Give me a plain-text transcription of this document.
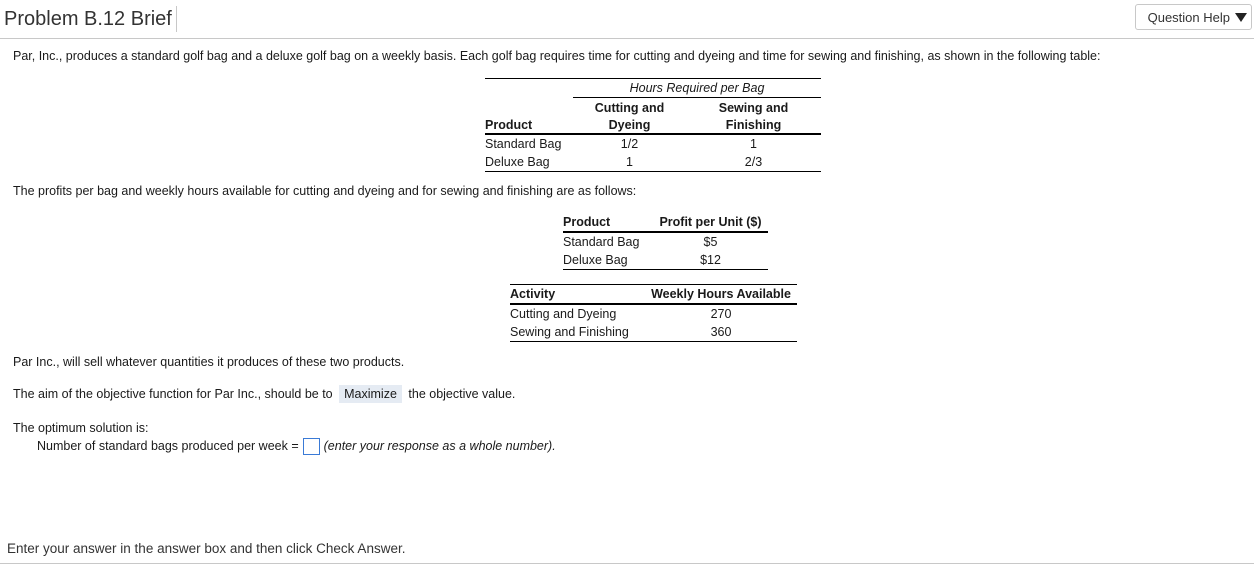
Problem B.12 Brief	Question Help
Par, Inc., produces a standard golf bag and a deluxe golf bag on a weekly basis. Each golf bag requires time for cutting and dyeing and time for sewing and finishing, as shown in the following table:
	Hours Required per Bag	
	Cutting and	Sewing and
Product	Dyeing	Finishing
Standard Bag	1/2	1
Deluxe Bag	1	2/3
The profits per bag and weekly hours available for cutting and dyeing and for sewing and finishing are as follows:
Product	Profit per Unit ($)
Standard Bag	$5
Deluxe Bag	$12
Activity	Weekly Hours Available
Cutting and Dyeing	270
Sewing and Finishing	360
Par Inc., will sell whatever quantities it produces of these two products.
The aim of the objective function for Par Inc., should be to Maximize the objective value.
The optimum solution is:
Number of standard bags produced per week = (enter your response as a whole number).
Enter your answer in the answer box and then click Check Answer.
